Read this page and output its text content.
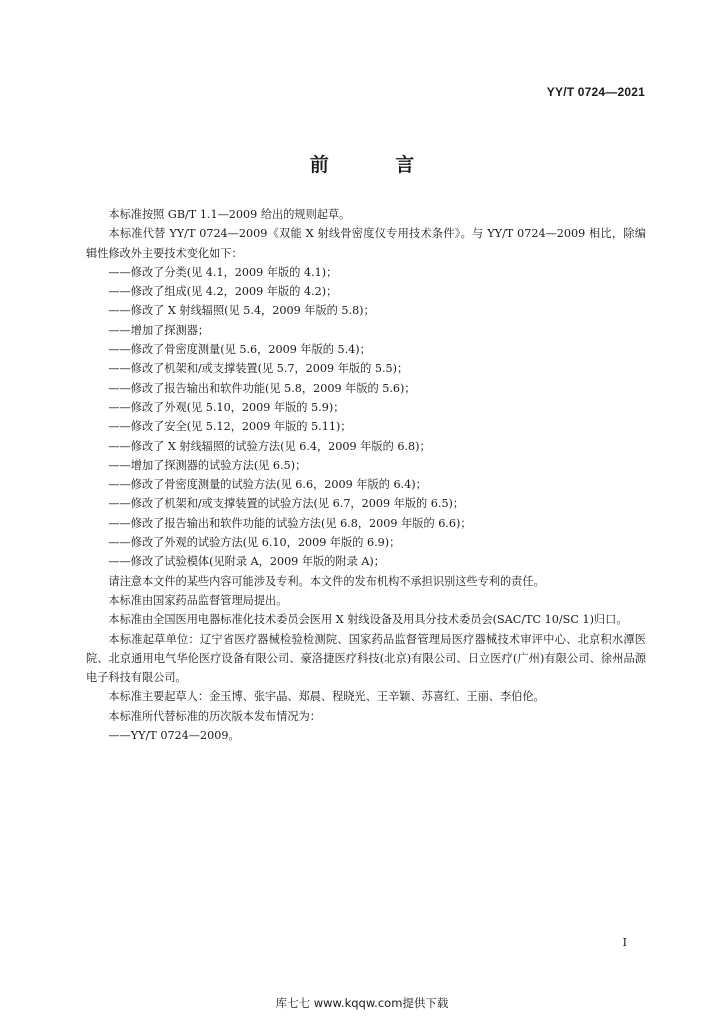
YY/T 0724—2021
前 言

本标准按照 GB/T 1.1—2009 给出的规则起草。

本标准代替 YY/T 0724—2009《双能 X 射线骨密度仪专用技术条件》。与 YY/T 0724—2009 相比，除编辑性修改外主要技术变化如下：

——修改了分类(见 4.1，2009 年版的 4.1)；

——修改了组成(见 4.2，2009 年版的 4.2)；

——修改了 X 射线辐照(见 5.4，2009 年版的 5.8)；

——增加了探测器；

——修改了骨密度测量(见 5.6，2009 年版的 5.4)；

——修改了机架和/或支撑装置(见 5.7，2009 年版的 5.5)；

——修改了报告输出和软件功能(见 5.8，2009 年版的 5.6)；

——修改了外观(见 5.10，2009 年版的 5.9)；

——修改了安全(见 5.12，2009 年版的 5.11)；

——修改了 X 射线辐照的试验方法(见 6.4，2009 年版的 6.8)；

——增加了探测器的试验方法(见 6.5)；

——修改了骨密度测量的试验方法(见 6.6，2009 年版的 6.4)；

——修改了机架和/或支撑装置的试验方法(见 6.7，2009 年版的 6.5)；

——修改了报告输出和软件功能的试验方法(见 6.8，2009 年版的 6.6)；

——修改了外观的试验方法(见 6.10，2009 年版的 6.9)；

——修改了试验模体(见附录 A，2009 年版的附录 A)；

请注意本文件的某些内容可能涉及专利。本文件的发布机构不承担识别这些专利的责任。

本标准由国家药品监督管理局提出。

本标准由全国医用电器标准化技术委员会医用 X 射线设备及用具分技术委员会(SAC/TC 10/SC 1)归口。

本标准起草单位：辽宁省医疗器械检验检测院、国家药品监督管理局医疗器械技术审评中心、北京积水潭医院、北京通用电气华伦医疗设备有限公司、豪洛捷医疗科技(北京)有限公司、日立医疗(广州)有限公司、徐州品源电子科技有限公司。

本标准主要起草人：金玉博、张宇晶、郑晨、程晓光、王辛颖、苏喜红、王丽、李伯伦。

本标准所代替标准的历次版本发布情况为：

——YY/T 0724—2009。

I
库七七 www.kqqw.com提供下载
